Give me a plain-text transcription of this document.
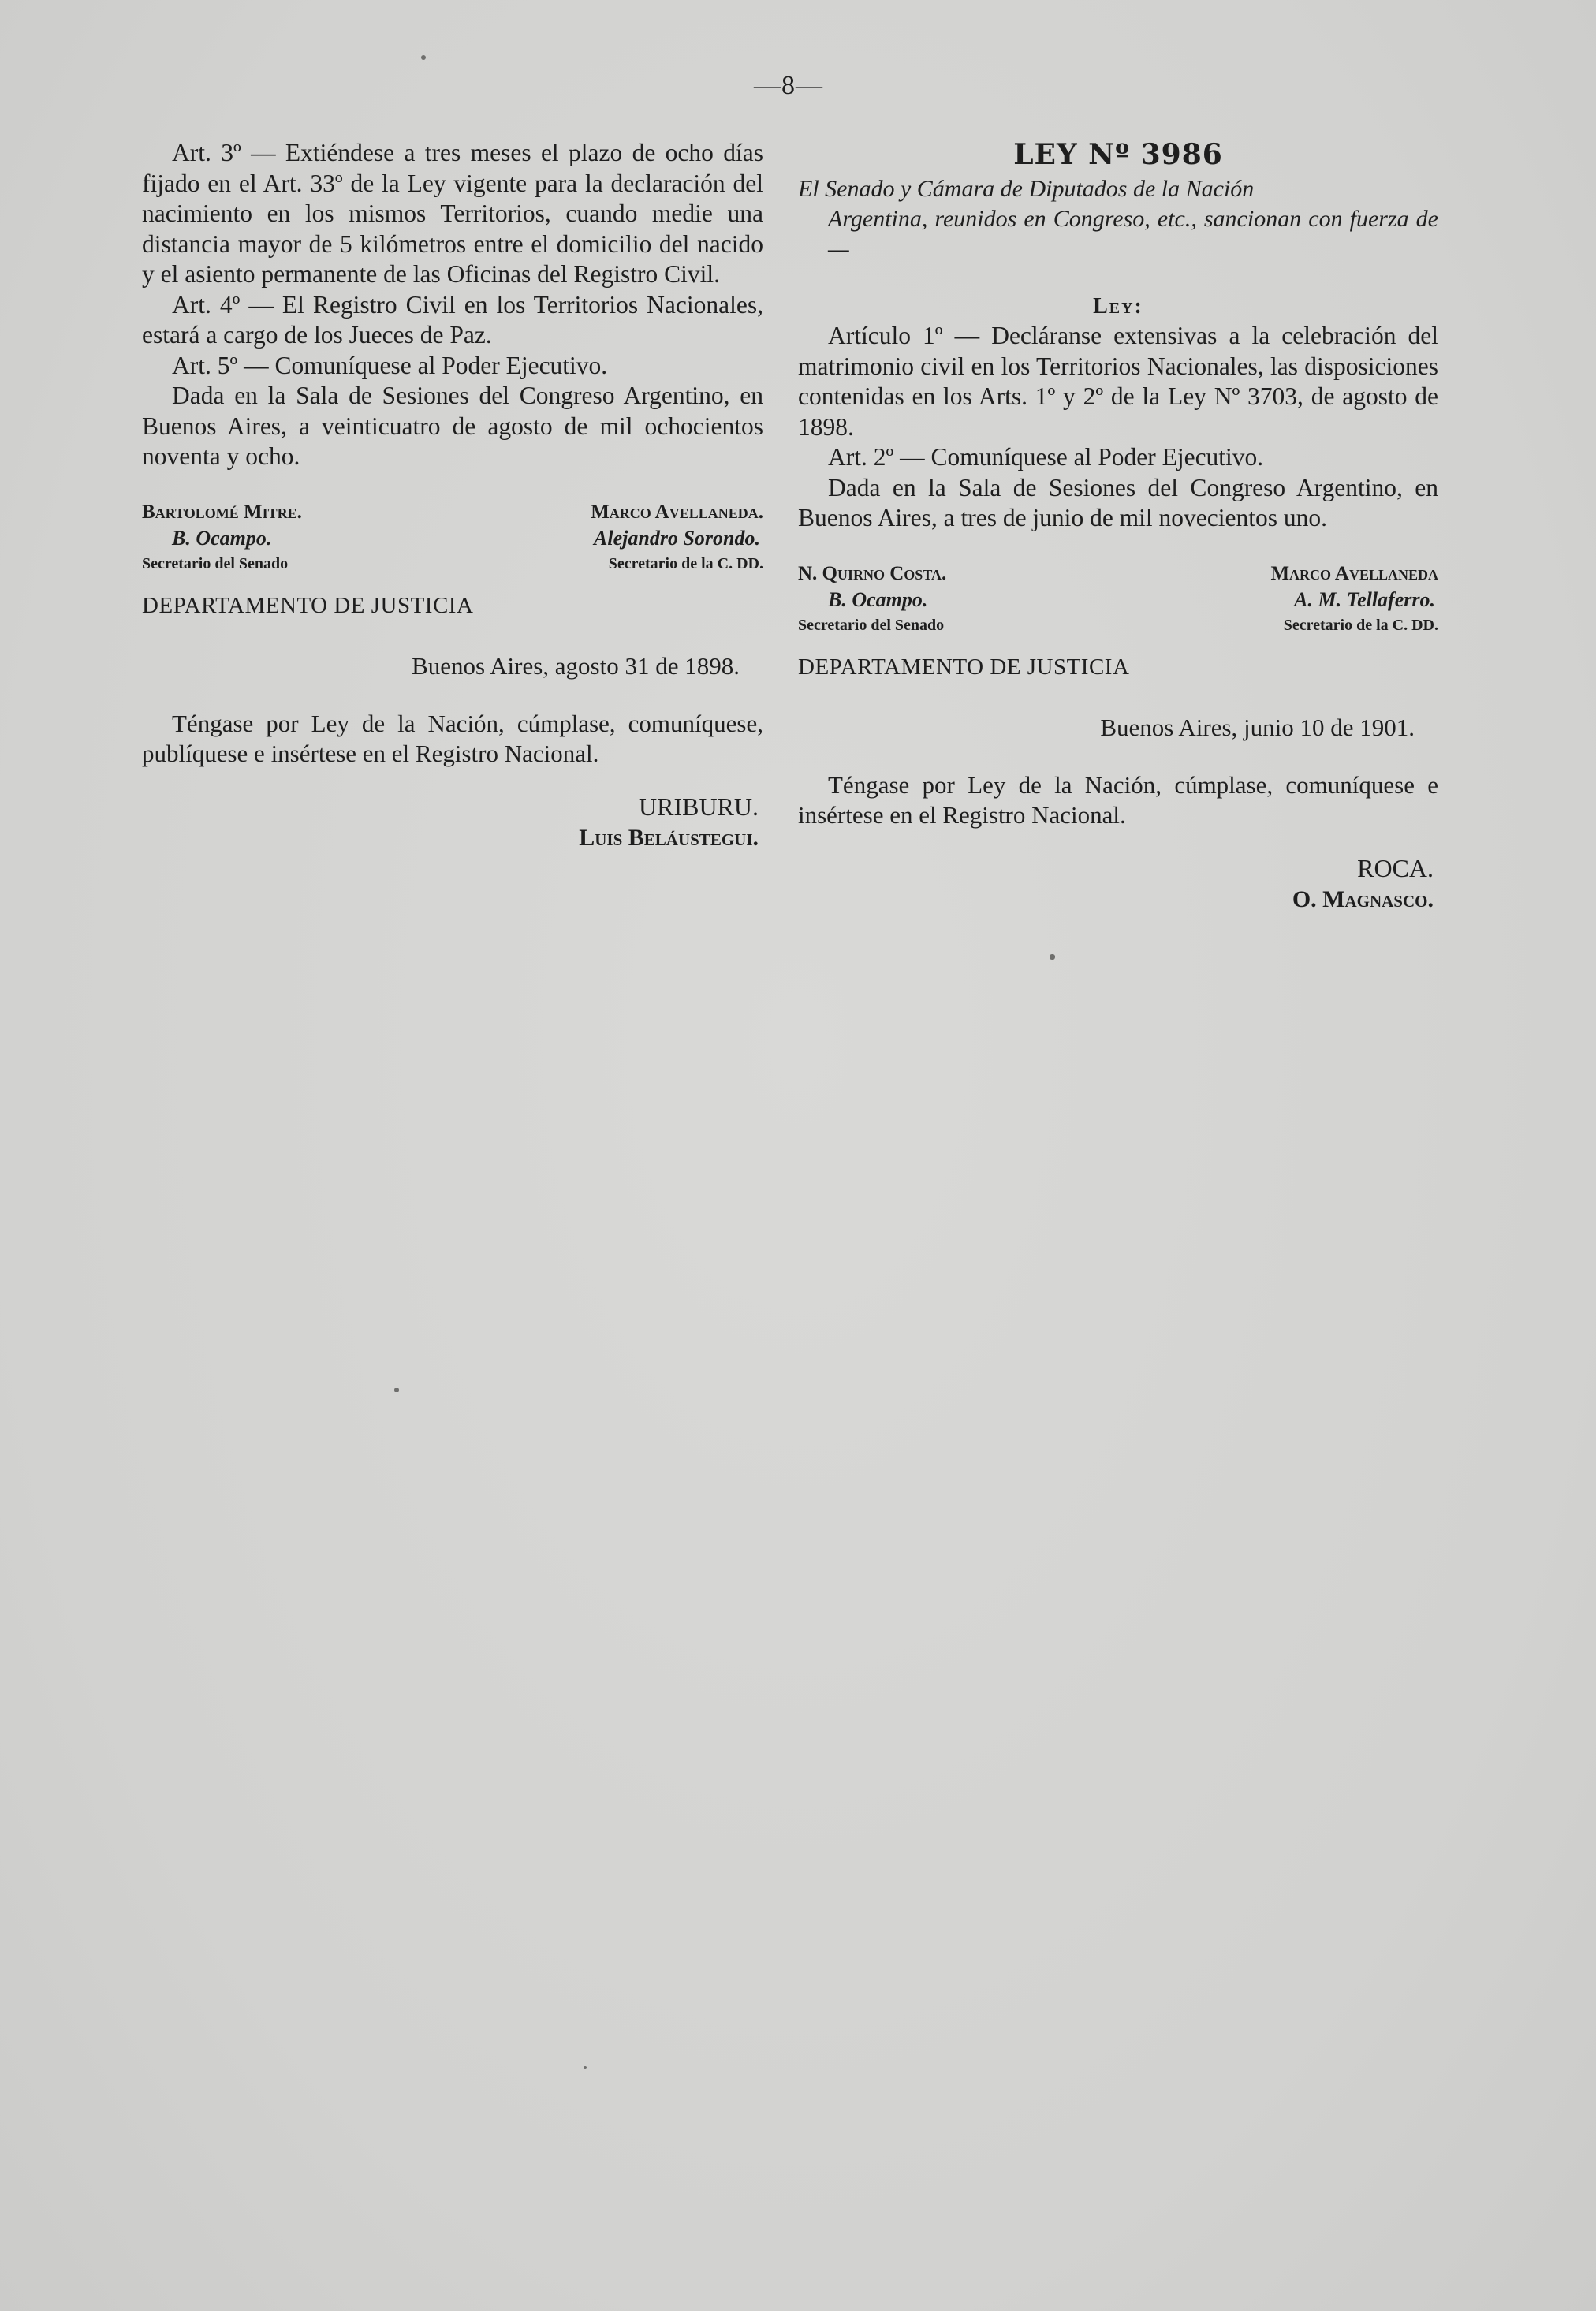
—8—

Art. 3º — Extiéndese a tres meses el plazo de ocho días fijado en el Art. 33º de la Ley vigente para la declaración del nacimiento en los mismos Territorios, cuando medie una distancia mayor de 5 kilómetros entre el domicilio del nacido y el asiento permanente de las Oficinas del Registro Civil.

Art. 4º — El Registro Civil en los Territorios Nacionales, estará a cargo de los Jueces de Paz.

Art. 5º — Comuníquese al Poder Ejecutivo.

Dada en la Sala de Sesiones del Congreso Argentino, en Buenos Aires, a veinticuatro de agosto de mil ochocientos noventa y ocho.

Bartolomé Mitre.
B. Ocampo.
Secretario del Senado
Marco Avellaneda.
Alejandro Sorondo.
Secretario de la C. DD.
DEPARTAMENTO DE JUSTICIA
Buenos Aires, agosto 31 de 1898.

Téngase por Ley de la Nación, cúmplase, comuníquese, publíquese e insértese en el Registro Nacional.

URIBURU.
Luis Beláustegui.
LEY Nº 3986

El Senado y Cámara de Diputados de la Nación

Argentina, reunidos en Congreso, etc., sancionan con fuerza de —

Ley:

Artículo 1º — Decláranse extensivas a la celebración del matrimonio civil en los Territorios Nacionales, las disposiciones contenidas en los Arts. 1º y 2º de la Ley Nº 3703, de agosto de 1898.

Art. 2º — Comuníquese al Poder Ejecutivo.

Dada en la Sala de Sesiones del Congreso Argentino, en Buenos Aires, a tres de junio de mil novecientos uno.

N. Quirno Costa.
B. Ocampo.
Secretario del Senado
Marco Avellaneda
A. M. Tellaferro.
Secretario de la C. DD.
DEPARTAMENTO DE JUSTICIA
Buenos Aires, junio 10 de 1901.

Téngase por Ley de la Nación, cúmplase, comuníquese e insértese en el Registro Nacional.

ROCA.
O. Magnasco.
